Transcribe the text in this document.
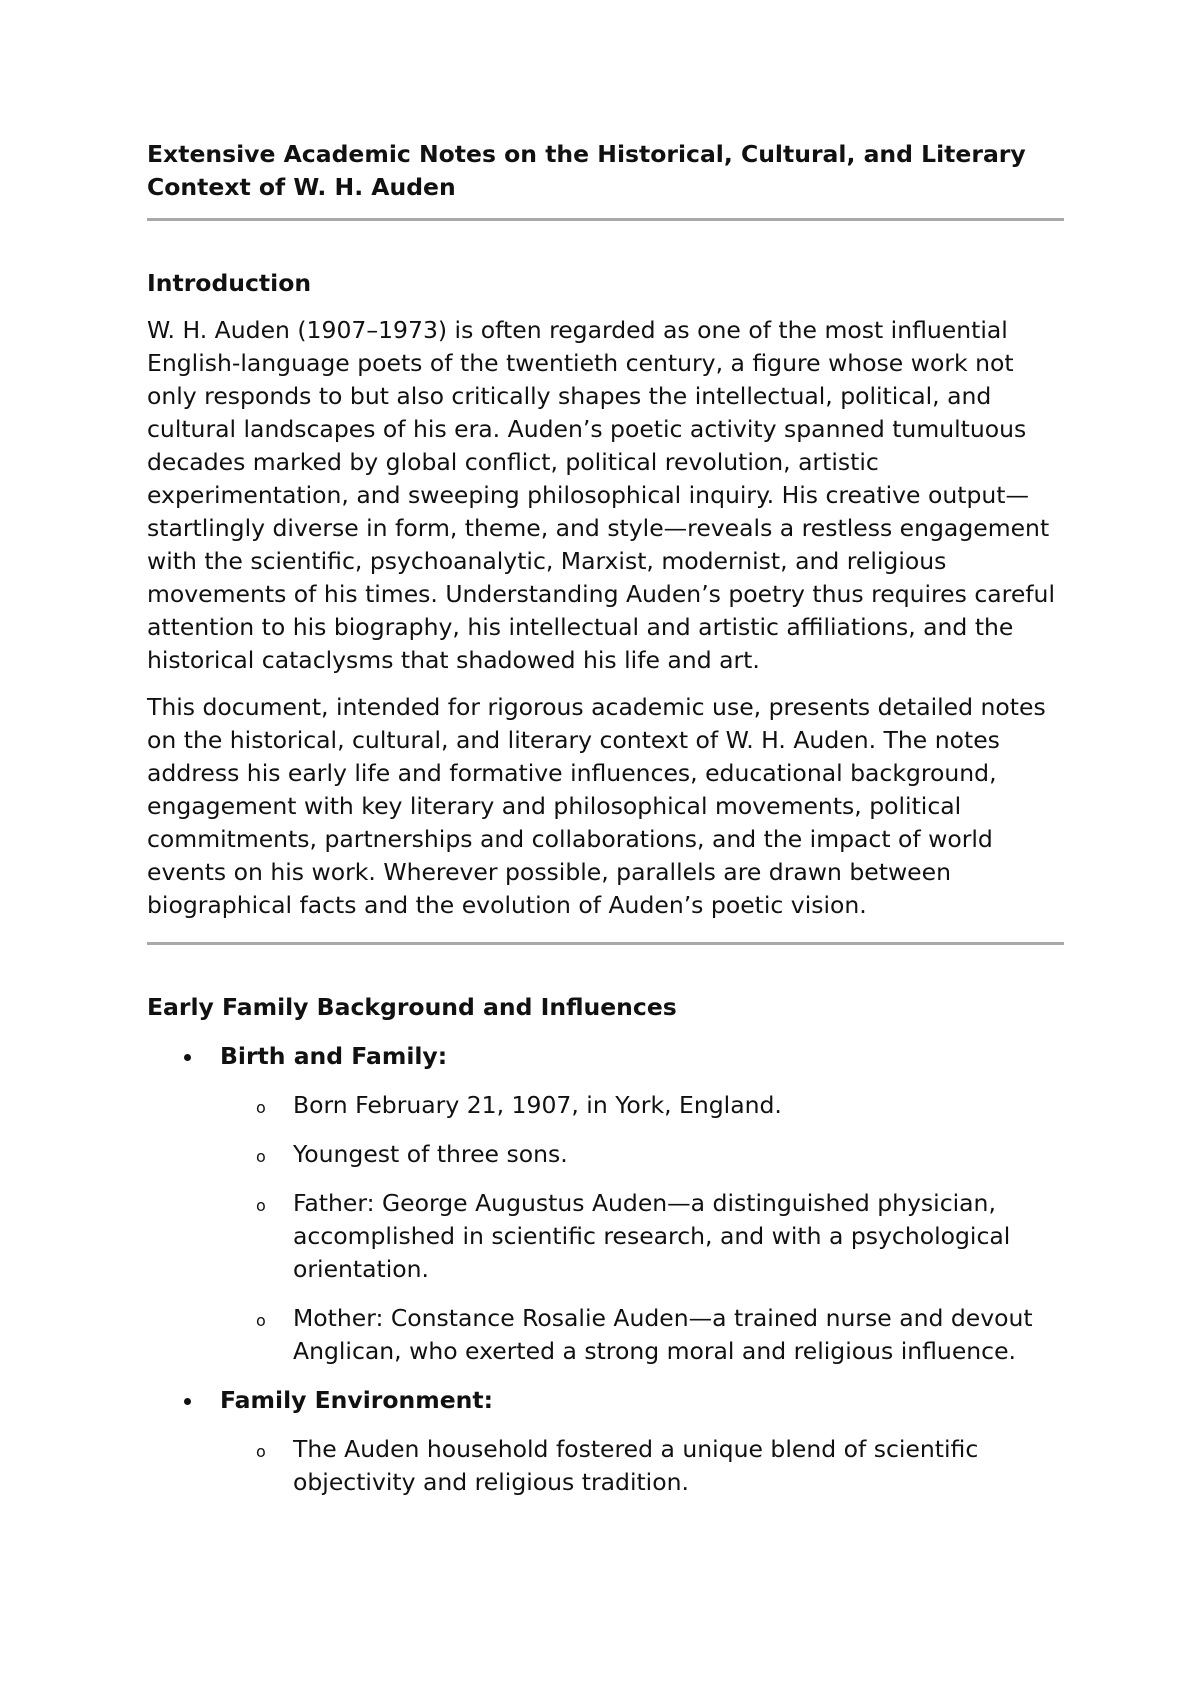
Extensive Academic Notes on the Historical, Cultural, and Literary Context of W. H. Auden
Introduction

W. H. Auden (1907–1973) is often regarded as one of the most influential English-language poets of the twentieth century, a figure whose work not only responds to but also critically shapes the intellectual, political, and cultural landscapes of his era. Auden’s poetic activity spanned tumultuous decades marked by global conflict, political revolution, artistic experimentation, and sweeping philosophical inquiry. His creative output—startlingly diverse in form, theme, and style—reveals a restless engagement with the scientific, psychoanalytic, Marxist, modernist, and religious movements of his times. Understanding Auden’s poetry thus requires careful attention to his biography, his intellectual and artistic affiliations, and the historical cataclysms that shadowed his life and art.

This document, intended for rigorous academic use, presents detailed notes on the historical, cultural, and literary context of W. H. Auden. The notes address his early life and formative influences, educational background, engagement with key literary and philosophical movements, political commitments, partnerships and collaborations, and the impact of world events on his work. Wherever possible, parallels are drawn between biographical facts and the evolution of Auden’s poetic vision.

Early Family Background and Influences
Birth and Family:
o Born February 21, 1907, in York, England.
o Youngest of three sons.
o Father: George Augustus Auden—a distinguished physician, accomplished in scientific research, and with a psychological orientation.
o Mother: Constance Rosalie Auden—a trained nurse and devout Anglican, who exerted a strong moral and religious influence.
Family Environment:
o The Auden household fostered a unique blend of scientific objectivity and religious tradition.
